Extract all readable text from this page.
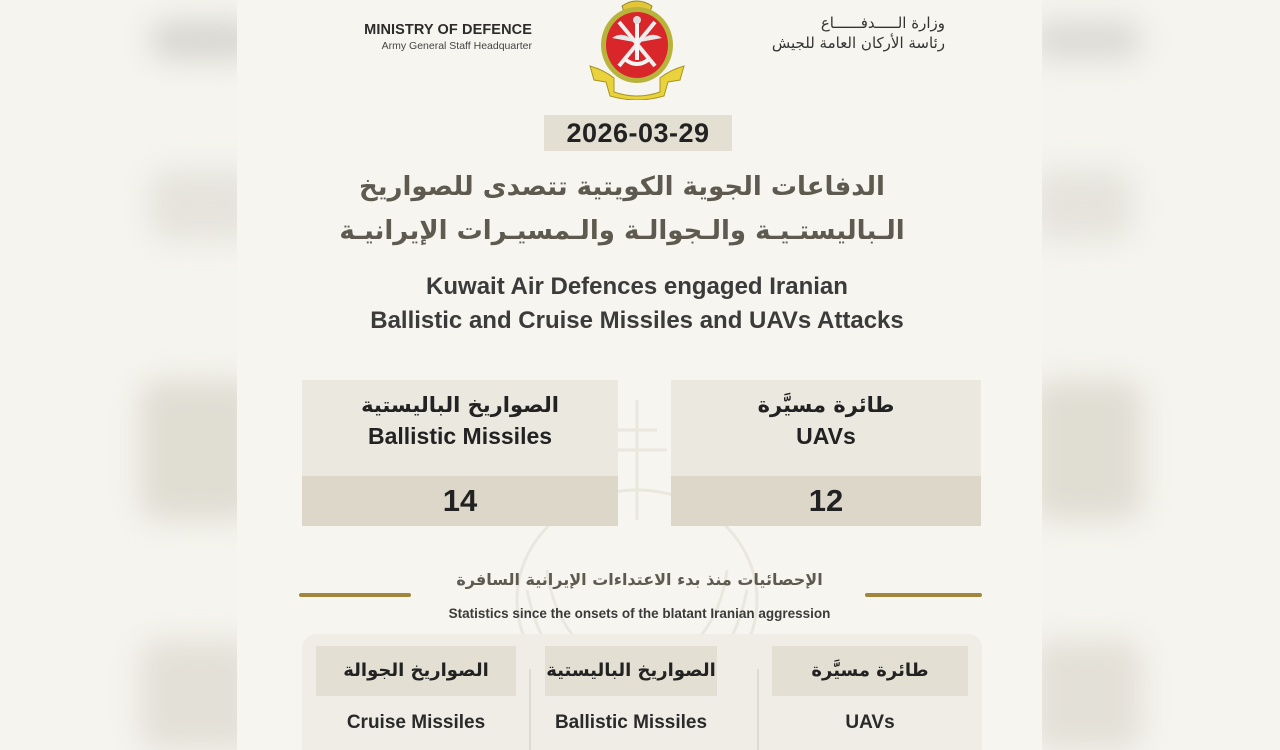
MINISTRY OF DEFENCE
Army General Staff Headquarter
وزارة الـــــدفــــــاع
رئاسة الأركان العامة للجيش
2026-03-29
الدفاعات الجوية الكويتية تتصدى للصواريخ
الـباليستـيـة والـجوالـة والـمسيـرات الإيرانيـة
Kuwait Air Defences engaged Iranian
Ballistic and Cruise Missiles and UAVs Attacks
الصواريخ الباليستية
Ballistic Missiles
14
طائرة مسيَّرة
UAVs
12
الإحصائيات منذ بدء الاعتداءات الإيرانية السافرة
Statistics since the onsets of the blatant Iranian aggression
الصواريخ الجوالة
Cruise Missiles
الصواريخ الباليستية
Ballistic Missiles
طائرة مسيَّرة
UAVs
